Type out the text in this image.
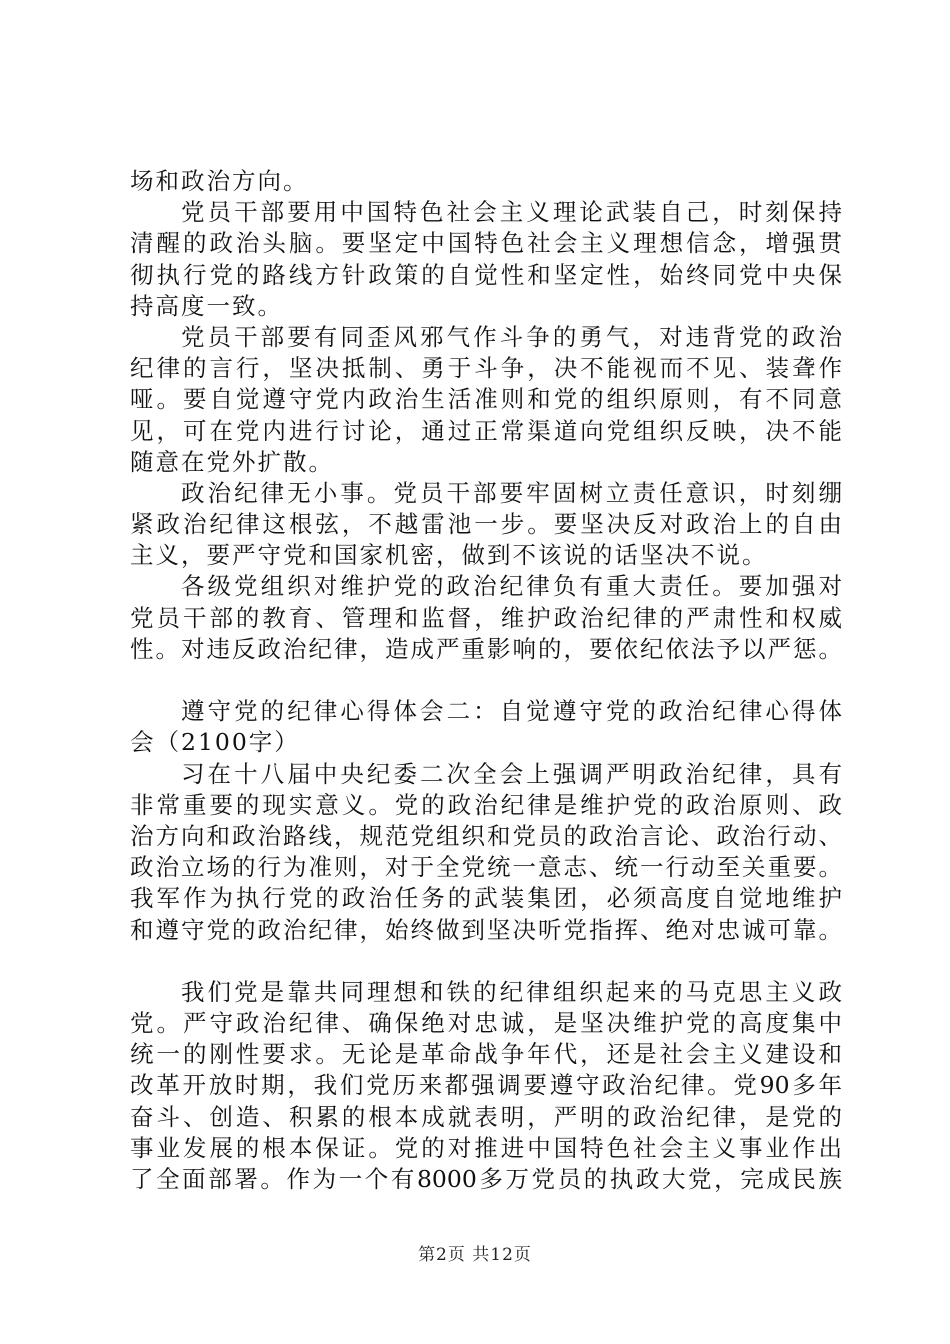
场和政治方向。
党员干部要用中国特色社会主义理论武装自己，时刻保持
清醒的政治头脑。要坚定中国特色社会主义理想信念，增强贯
彻执行党的路线方针政策的自觉性和坚定性，始终同党中央保
持高度一致。
党员干部要有同歪风邪气作斗争的勇气，对违背党的政治
纪律的言行，坚决抵制、勇于斗争，决不能视而不见、装聋作
哑。要自觉遵守党内政治生活准则和党的组织原则，有不同意
见，可在党内进行讨论，通过正常渠道向党组织反映，决不能
随意在党外扩散。
政治纪律无小事。党员干部要牢固树立责任意识，时刻绷
紧政治纪律这根弦，不越雷池一步。要坚决反对政治上的自由
主义，要严守党和国家机密，做到不该说的话坚决不说。
各级党组织对维护党的政治纪律负有重大责任。要加强对
党员干部的教育、管理和监督，维护政治纪律的严肃性和权威
性。对违反政治纪律，造成严重影响的，要依纪依法予以严惩。
遵守党的纪律心得体会二：自觉遵守党的政治纪律心得体
会（2100字）
习在十八届中央纪委二次全会上强调严明政治纪律，具有
非常重要的现实意义。党的政治纪律是维护党的政治原则、政
治方向和政治路线，规范党组织和党员的政治言论、政治行动、
政治立场的行为准则，对于全党统一意志、统一行动至关重要。
我军作为执行党的政治任务的武装集团，必须高度自觉地维护
和遵守党的政治纪律，始终做到坚决听党指挥、绝对忠诚可靠。
我们党是靠共同理想和铁的纪律组织起来的马克思主义政
党。严守政治纪律、确保绝对忠诚，是坚决维护党的高度集中
统一的刚性要求。无论是革命战争年代，还是社会主义建设和
改革开放时期，我们党历来都强调要遵守政治纪律。党90多年
奋斗、创造、积累的根本成就表明，严明的政治纪律，是党的
事业发展的根本保证。党的对推进中国特色社会主义事业作出
了全面部署。作为一个有8000多万党员的执政大党，完成民族
第2页 共12页
